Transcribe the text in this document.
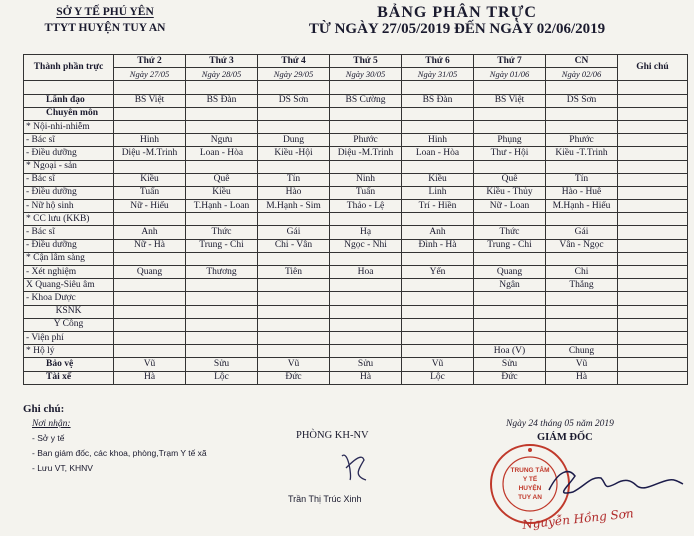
SỞ Y TẾ PHÚ YÊN
TTYT HUYỆN TUY AN
BẢNG PHÂN TRỰC
TỪ NGÀY 27/05/2019 ĐẾN NGÀY 02/06/2019
Thành phần trực	Thứ 2	Thứ 3	Thứ 4	Thứ 5	Thứ 6	Thứ 7	CN	Ghi chú
	Ngày 27/05	Ngày 28/05	Ngày 29/05	Ngày 30/05	Ngày 31/05	Ngày 01/06	Ngày 02/06	

Lãnh đạo	BS Việt	BS Đàn	DS Sơn	BS Cường	BS Đàn	BS Việt	DS Sơn	
Chuyên môn								
* Nội-nhi-nhiễm								
- Bác sĩ	Hinh	Ngưu	Dung	Phước	Hinh	Phụng	Phước	
- Điều dưỡng	Diệu -M.Trinh	Loan - Hòa	Kiều -Hội	Diệu -M.Trinh	Loan - Hòa	Thư - Hội	Kiều -T.Trinh	
* Ngoại - sản								
- Bác sĩ	Kiều	Quê	Tín	Ninh	Kiều	Quê	Tín	
- Điều dưỡng	Tuấn	Kiều	Hào	Tuấn	Linh	Kiều - Thủy	Hào - Huê	
- Nữ hộ sinh	Nữ - Hiếu	T.Hạnh - Loan	M.Hạnh - Sim	Thảo - Lệ	Trí - Hiền	Nữ - Loan	M.Hạnh - Hiếu	
* CC lưu (KKB)								
- Bác sĩ	Anh	Thức	Gái	Hạ	Anh	Thức	Gái	
- Điều dưỡng	Nữ - Hà	Trung - Chi	Chi - Vân	Ngọc - Nhi	Đình - Hà	Trung - Chi	Vân - Ngọc	
* Cận lâm sàng								
- Xét nghiệm	Quang	Thương	Tiên	Hoa	Yến	Quang	Chi	
X Quang-Siêu âm						Ngân	Thắng	
- Khoa Dược								
KSNK								
Y Công								
- Viện phí								
* Hộ lý						Hoa (V)	Chung	
Bảo vệ	Vũ	Sửu	Vũ	Sửu	Vũ	Sửu	Vũ	
Tài xế	Hà	Lộc	Đức	Hà	Lộc	Đức	Hà	
Ghi chú:
Nơi nhận:
- Sở y tế
- Ban giám đốc, các khoa, phòng,Trạm Y tế xã
- Lưu VT, KHNV
PHÒNG KH-NV
Trần Thị Trúc Xinh
Ngày 24 tháng 05 năm 2019
GIÁM ĐỐC
TRUNG TÂM
Y TẾ
HUYỆN
TUY AN
Nguyễn Hồng Sơn
